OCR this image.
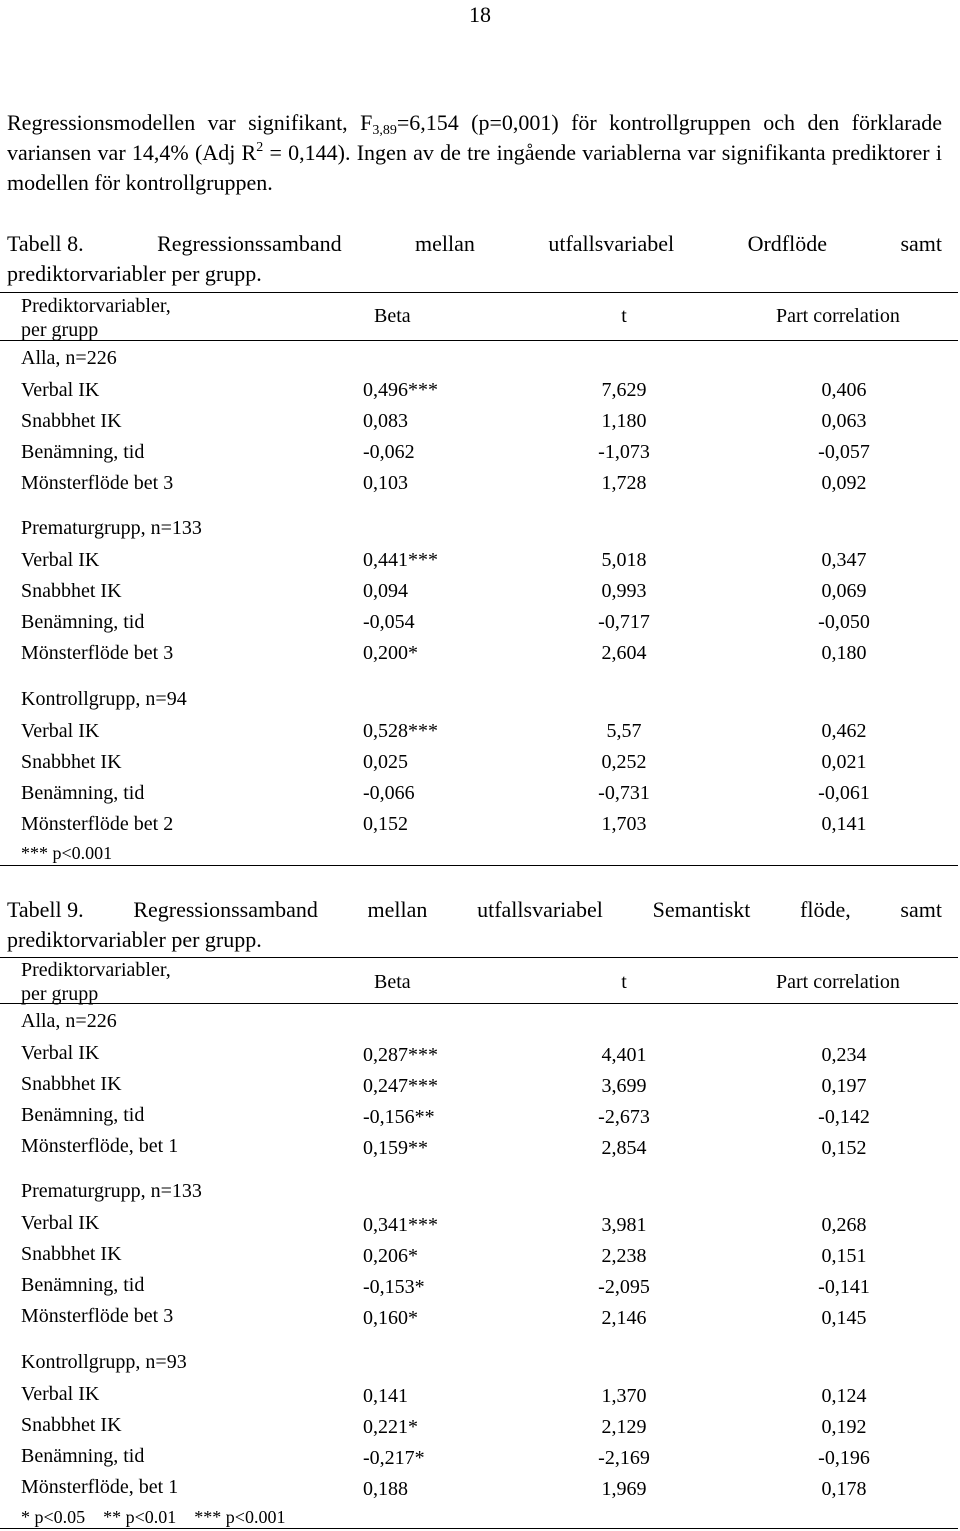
18
Regressionsmodellen var signifikant, $F_{3,89}=6,154$ (p=0,001) för kontrollgruppen och den förklarade variansen var 14,4% (Adj $R^2 = 0,144$). Ingen av de tre ingående variablerna var signifikanta prediktorer i modellen för kontrollgruppen.
Tabell 8.	Regressionssamband	mellan	utfallsvariabel	Ordflöde	samt
prediktorvariabler per grupp.
Prediktorvariabler,
per grupp
Beta	t	Part correlation
Alla, n=226
Verbal IK	0,496***	7,629	0,406
Snabbhet IK	0,083	1,180	0,063
Benämning, tid	-0,062	-1,073	-0,057
Mönsterflöde bet 3	0,103	1,728	0,092
Prematurgrupp, n=133
Verbal IK	0,441***	5,018	0,347
Snabbhet IK	0,094	0,993	0,069
Benämning, tid	-0,054	-0,717	-0,050
Mönsterflöde bet 3	0,200*	2,604	0,180
Kontrollgrupp, n=94
Verbal IK	0,528***	5,57	0,462
Snabbhet IK	0,025	0,252	0,021
Benämning, tid	-0,066	-0,731	-0,061
Mönsterflöde bet 2	0,152	1,703	0,141
*** p<0.001
Tabell 9. Regressionssamband mellan utfallsvariabel Semantiskt flöde, samt
prediktorvariabler per grupp.
Prediktorvariabler,
per grupp
Beta	t	Part correlation
Alla, n=226
Verbal IK	0,287***	4,401	0,234
Snabbhet IK	0,247***	3,699	0,197
Benämning, tid	-0,156**	-2,673	-0,142
Mönsterflöde, bet 1	0,159**	2,854	0,152
Prematurgrupp, n=133
Verbal IK	0,341***	3,981	0,268
Snabbhet IK	0,206*	2,238	0,151
Benämning, tid	-0,153*	-2,095	-0,141
Mönsterflöde bet 3	0,160*	2,146	0,145
Kontrollgrupp, n=93
Verbal IK	0,141	1,370	0,124
Snabbhet IK	0,221*	2,129	0,192
Benämning, tid	-0,217*	-2,169	-0,196
Mönsterflöde, bet 1	0,188	1,969	0,178
* p<0.05    ** p<0.01    *** p<0.001
